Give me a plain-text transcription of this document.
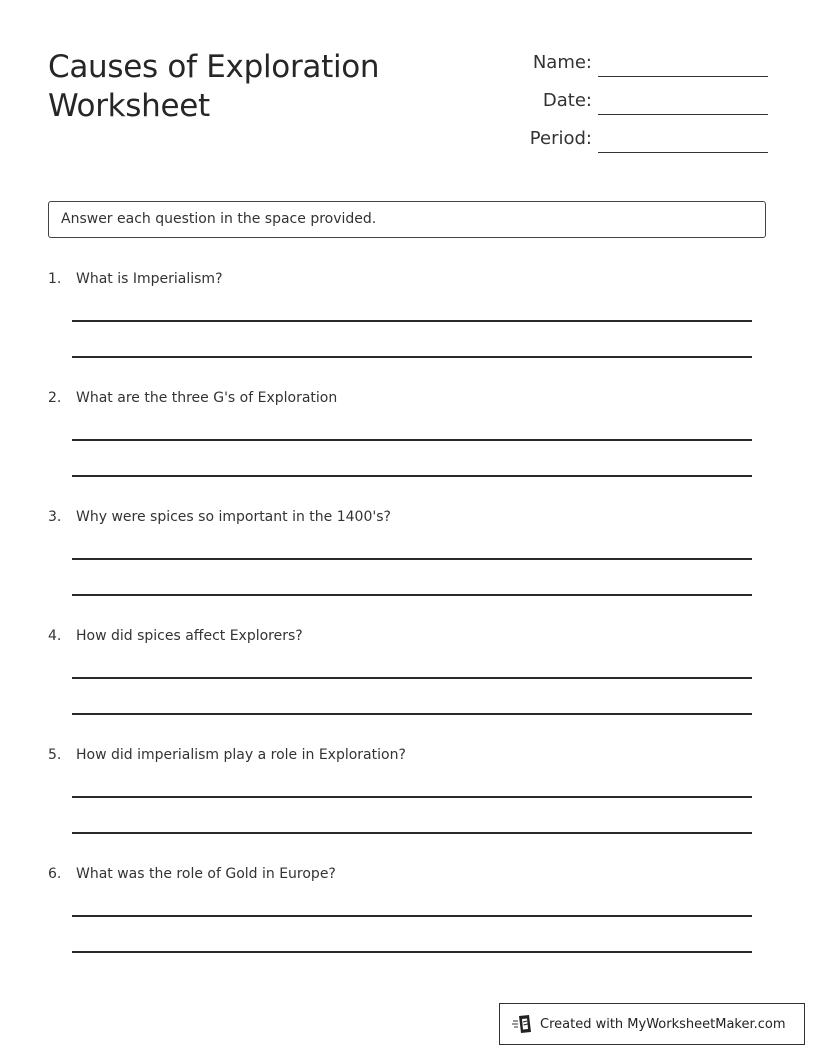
Causes of Exploration
Worksheet
Name:
Date:
Period:
Answer each question in the space provided.
1. What is Imperialism?
2. What are the three G's of Exploration
3. Why were spices so important in the 1400's?
4. How did spices affect Explorers?
5. How did imperialism play a role in Exploration?
6. What was the role of Gold in Europe?
Created with MyWorksheetMaker.com
